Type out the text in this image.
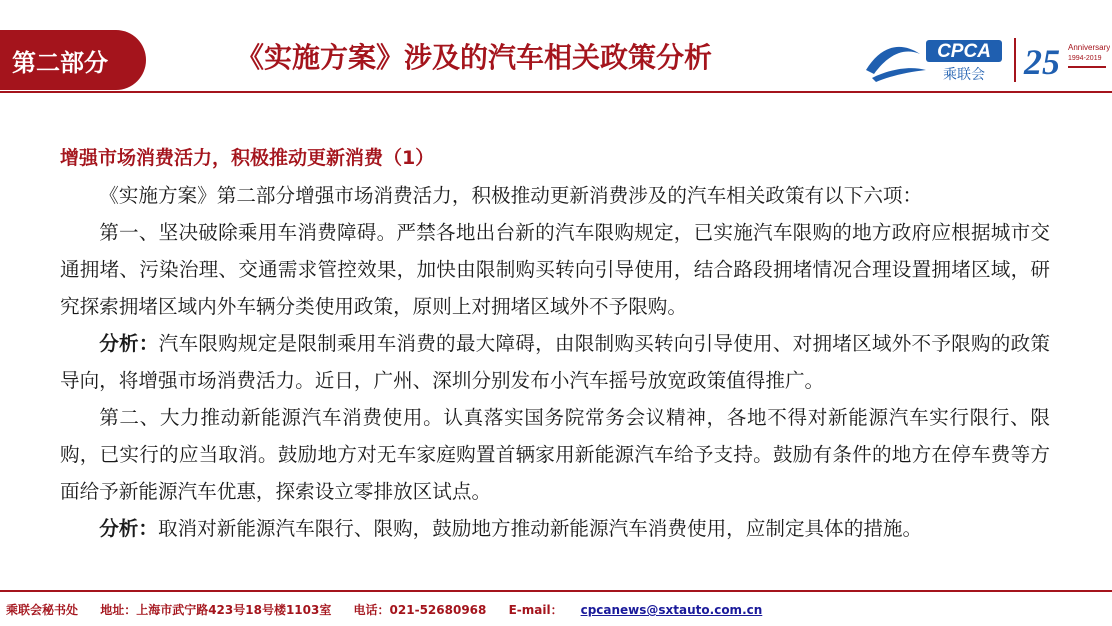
第二部分	《实施方案》涉及的汽车相关政策分析	CPCA
乘联会 25 Anniversary
1994-2019

增强市场消费活力，积极推动更新消费（1）

《实施方案》第二部分增强市场消费活力，积极推动更新消费涉及的汽车相关政策有以下六项：

第一、坚决破除乘用车消费障碍。严禁各地出台新的汽车限购规定，已实施汽车限购的地方政府应根据城市交通拥堵、污染治理、交通需求管控效果，加快由限制购买转向引导使用，结合路段拥堵情况合理设置拥堵区域，研究探索拥堵区域内外车辆分类使用政策，原则上对拥堵区域外不予限购。

分析：汽车限购规定是限制乘用车消费的最大障碍，由限制购买转向引导使用、对拥堵区域外不予限购的政策导向，将增强市场消费活力。近日，广州、深圳分别发布小汽车摇号放宽政策值得推广。

第二、大力推动新能源汽车消费使用。认真落实国务院常务会议精神，各地不得对新能源汽车实行限行、限购，已实行的应当取消。鼓励地方对无车家庭购置首辆家用新能源汽车给予支持。鼓励有条件的地方在停车费等方面给予新能源汽车优惠，探索设立零排放区试点。

分析：取消对新能源汽车限行、限购，鼓励地方推动新能源汽车消费使用，应制定具体的措施。

乘联会秘书处 地址：上海市武宁路423号18号楼1103室 电话：021-52680968 E-mail： cpcanews@sxtauto.com.cn
